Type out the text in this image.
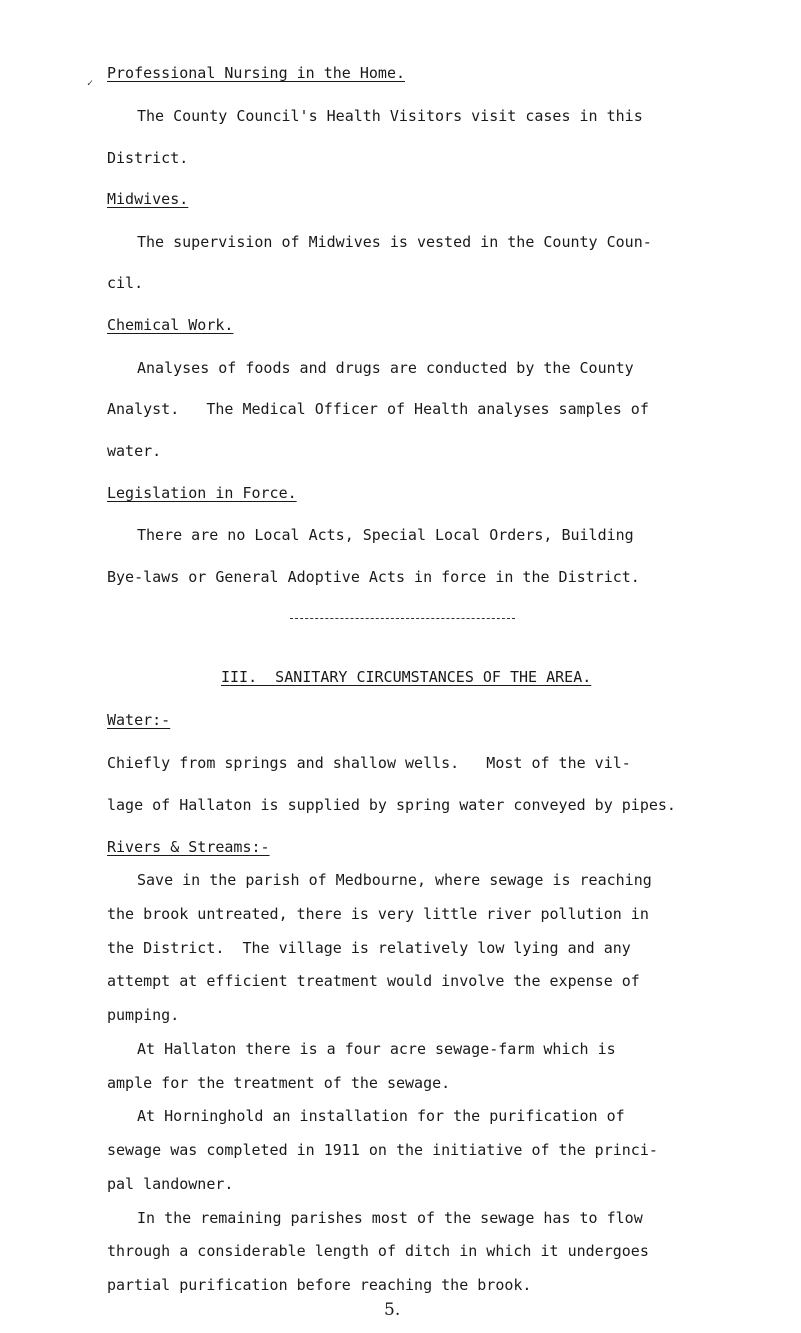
✓
Professional Nursing in the Home.
The County Council's Health Visitors visit cases in this
District.
Midwives.
The supervision of Midwives is vested in the County Coun-
cil.
Chemical Work.
Analyses of foods and drugs are conducted by the County
Analyst.   The Medical Officer of Health analyses samples of
water.
Legislation in Force.
There are no Local Acts, Special Local Orders, Building
Bye-laws or General Adoptive Acts in force in the District.
III.  SANITARY CIRCUMSTANCES OF THE AREA.
Water:-
Chiefly from springs and shallow wells.   Most of the vil-
lage of Hallaton is supplied by spring water conveyed by pipes.
Rivers & Streams:-
Save in the parish of Medbourne, where sewage is reaching
the brook untreated, there is very little river pollution in
the District.  The village is relatively low lying and any
attempt at efficient treatment would involve the expense of
pumping.
At Hallaton there is a four acre sewage-farm which is
ample for the treatment of the sewage.
At Horninghold an installation for the purification of
sewage was completed in 1911 on the initiative of the princi-
pal landowner.
5.
In the remaining parishes most of the sewage has to flow
through a considerable length of ditch in which it undergoes
partial purification before reaching the brook.
